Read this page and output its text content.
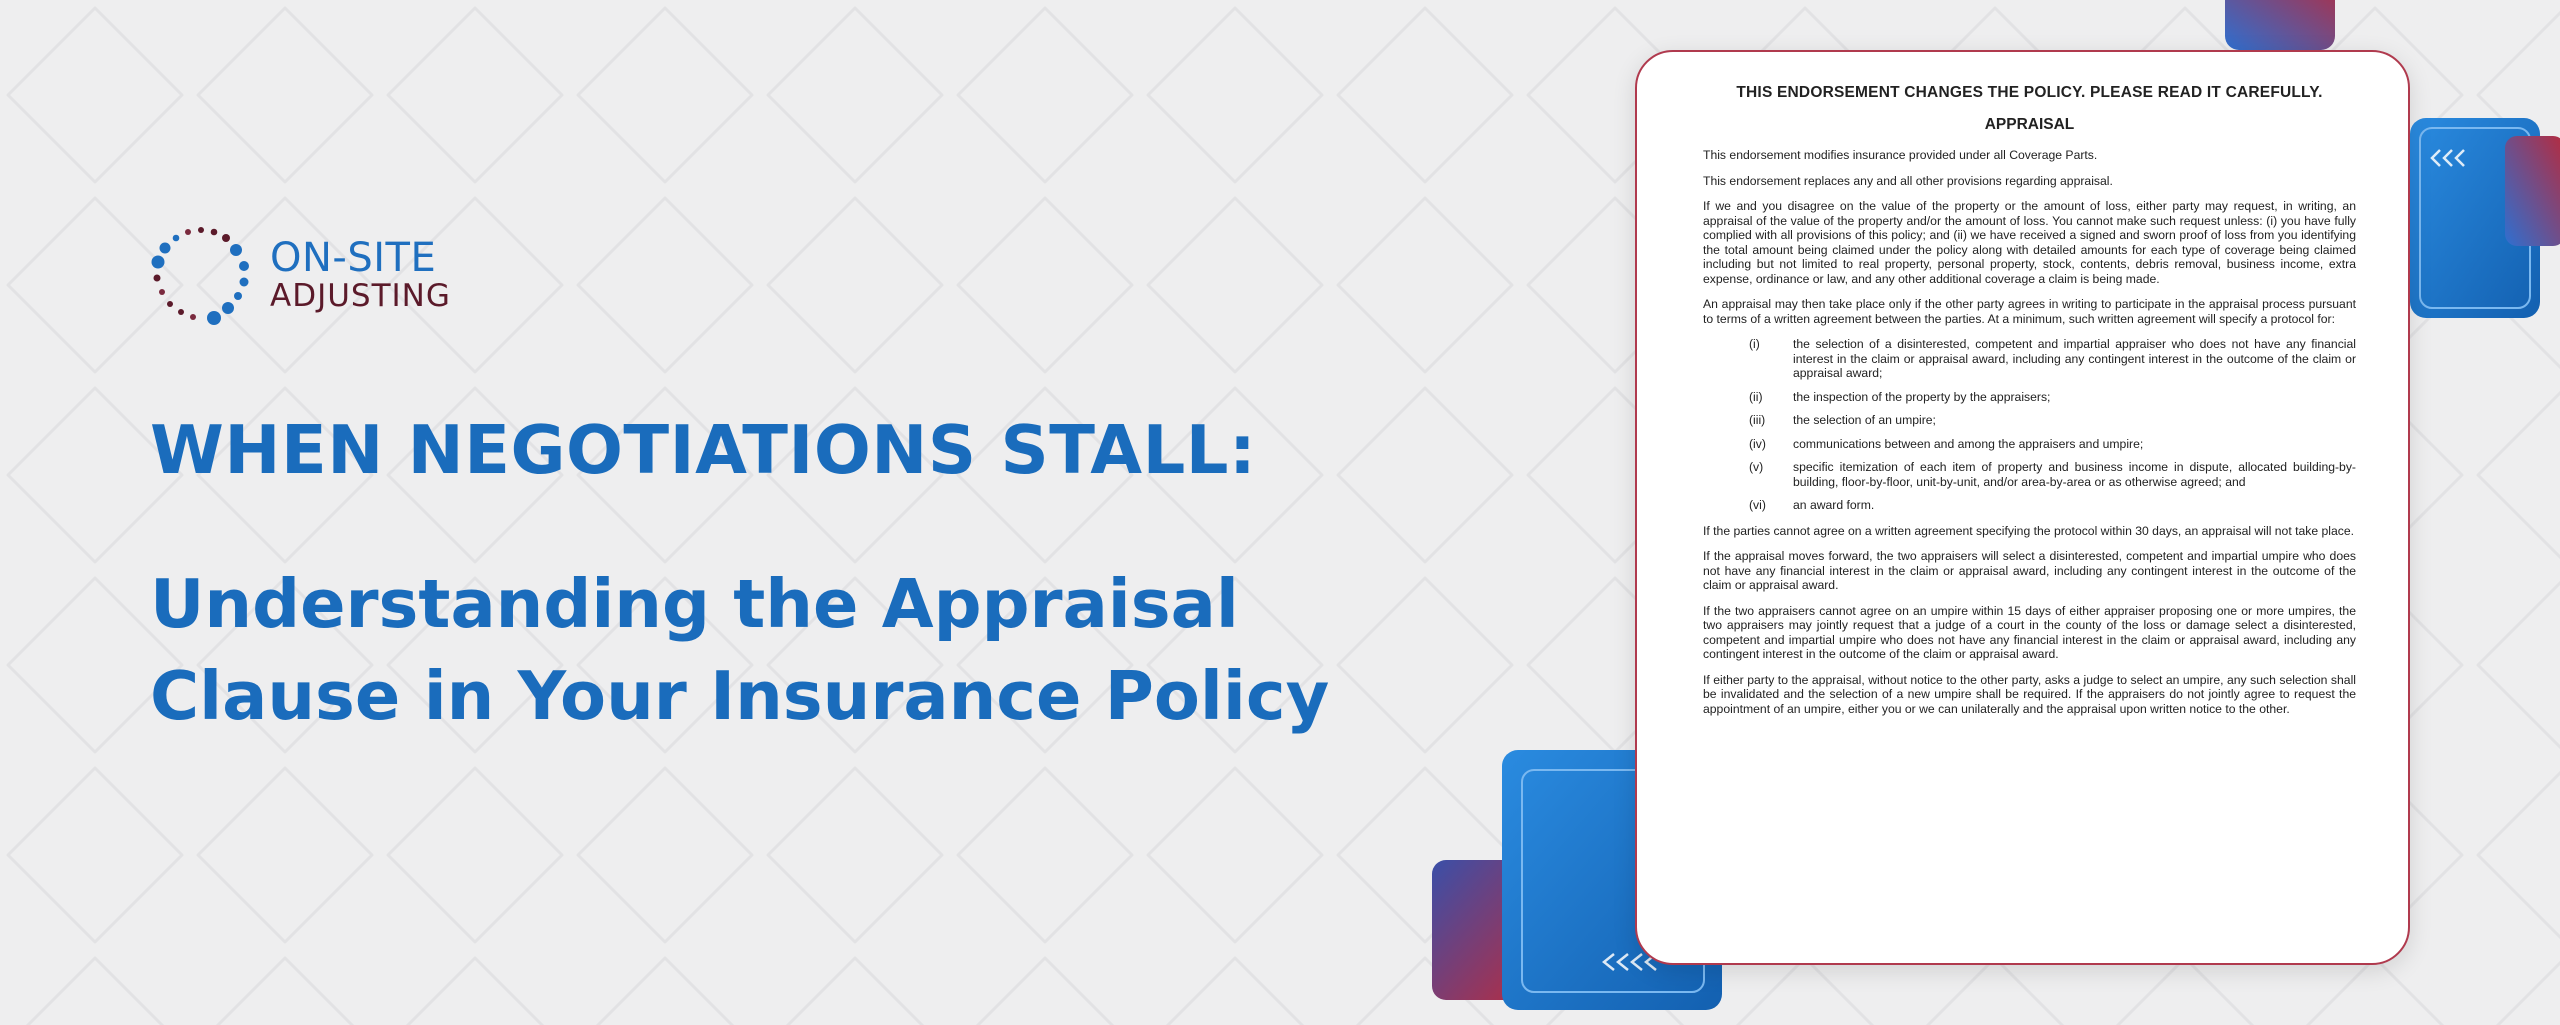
ON-SITE
ADJUSTING
WHEN NEGOTIATIONS STALL:
Understanding the Appraisal Clause in Your Insurance Policy
THIS ENDORSEMENT CHANGES THE POLICY. PLEASE READ IT CAREFULLY.
APPRAISAL

This endorsement modifies insurance provided under all Coverage Parts.

This endorsement replaces any and all other provisions regarding appraisal.

If we and you disagree on the value of the property or the amount of loss, either party may request, in writing, an appraisal of the value of the property and/or the amount of loss. You cannot make such request unless: (i) you have fully complied with all provisions of this policy; and (ii) we have received a signed and sworn proof of loss from you identifying the total amount being claimed under the policy along with detailed amounts for each type of coverage being claimed including but not limited to real property, personal property, stock, contents, debris removal, business income, extra expense, ordinance or law, and any other additional coverage a claim is being made.

An appraisal may then take place only if the other party agrees in writing to participate in the appraisal process pursuant to terms of a written agreement between the parties. At a minimum, such written agreement will specify a protocol for:

(i)	the selection of a disinterested, competent and impartial appraiser who does not have any financial interest in the claim or appraisal award, including any contingent interest in the outcome of the claim or appraisal award;
(ii)	the inspection of the property by the appraisers;
(iii)	the selection of an umpire;
(iv)	communications between and among the appraisers and umpire;
(v)	specific itemization of each item of property and business income in dispute, allocated building-by-building, floor-by-floor, unit-by-unit, and/or area-by-area or as otherwise agreed; and
(vi)	an award form.

If the parties cannot agree on a written agreement specifying the protocol within 30 days, an appraisal will not take place.

If the appraisal moves forward, the two appraisers will select a disinterested, competent and impartial umpire who does not have any financial interest in the claim or appraisal award, including any contingent interest in the outcome of the claim or appraisal award.

If the two appraisers cannot agree on an umpire within 15 days of either appraiser proposing one or more umpires, the two appraisers may jointly request that a judge of a court in the county of the loss or damage select a disinterested, competent and impartial umpire who does not have any financial interest in the claim or appraisal award, including any contingent interest in the outcome of the claim or appraisal award.

If either party to the appraisal, without notice to the other party, asks a judge to select an umpire, any such selection shall be invalidated and the selection of a new umpire shall be required. If the appraisers do not jointly agree to request the appointment of an umpire, either you or we can unilaterally and the appraisal upon written notice to the other.
